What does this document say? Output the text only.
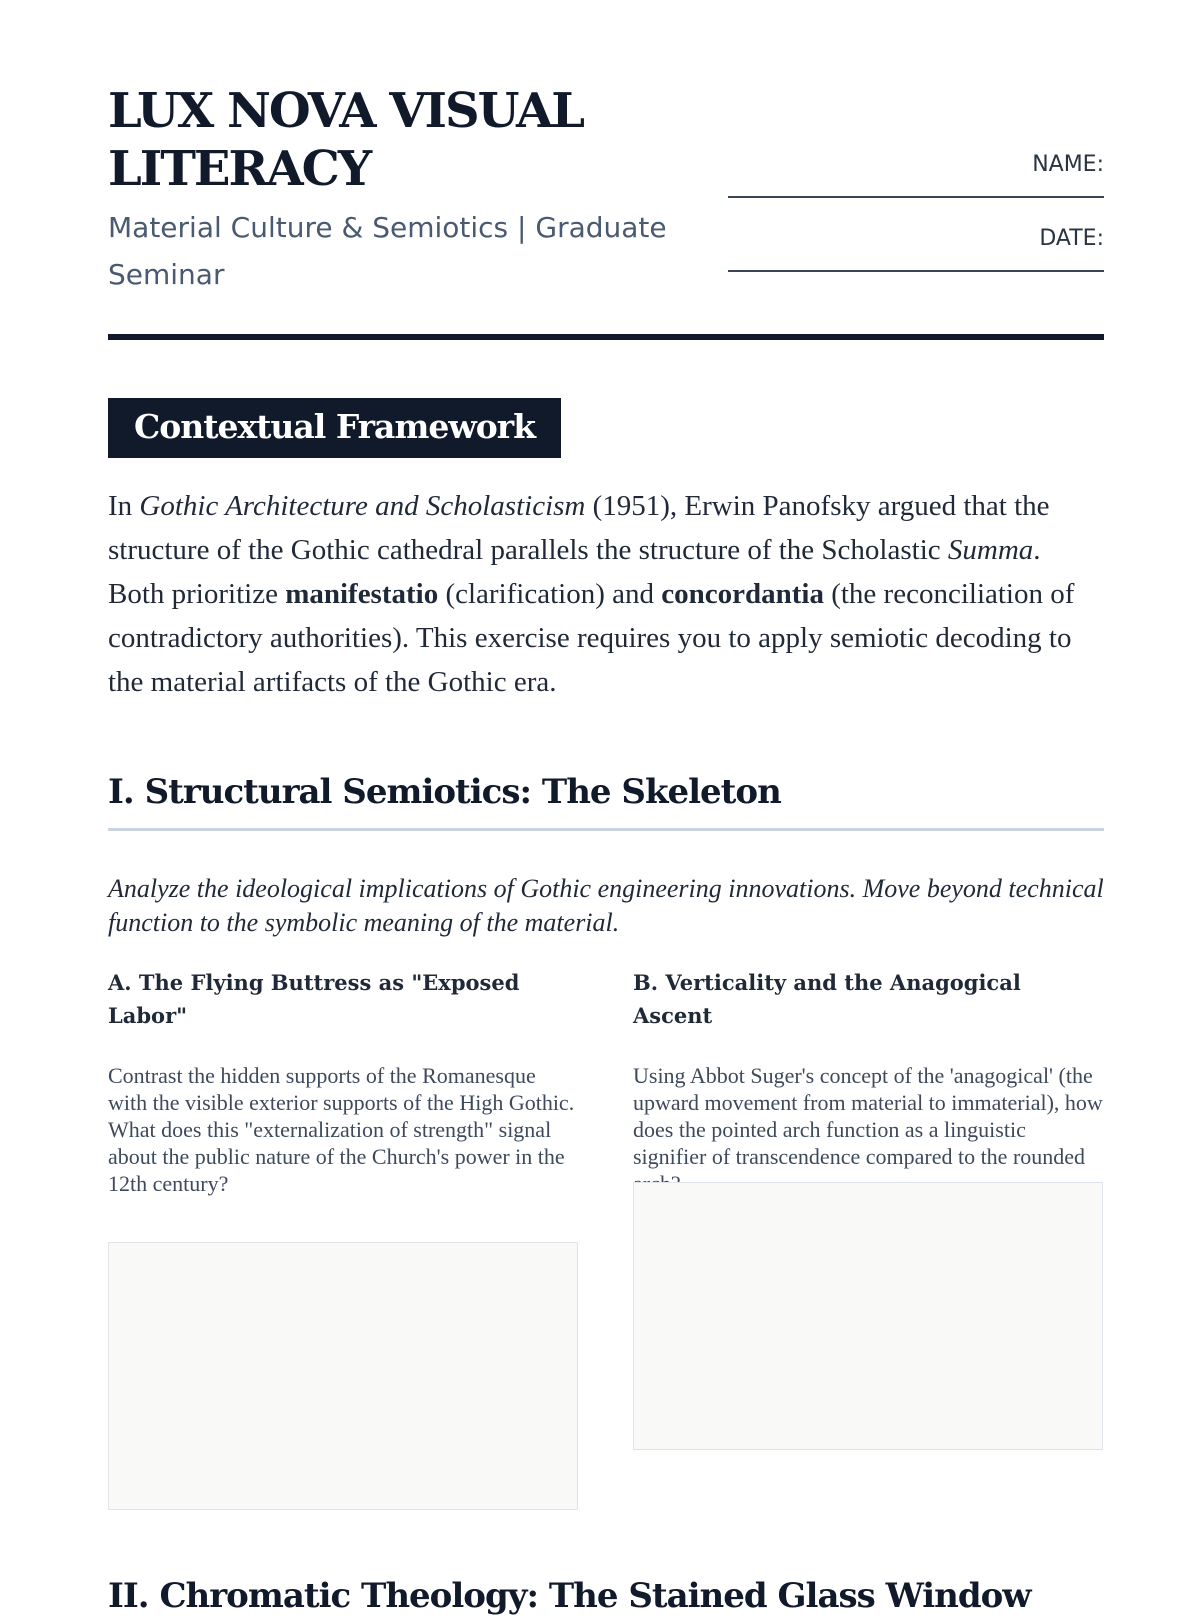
LUX NOVA VISUAL LITERACY

Material Culture & Semiotics | Graduate Seminar

NAME:
DATE:
Contextual Framework

In Gothic Architecture and Scholasticism (1951), Erwin Panofsky argued that the structure of the Gothic cathedral parallels the structure of the Scholastic Summa. Both prioritize manifestatio (clarification) and concordantia (the reconciliation of contradictory authorities). This exercise requires you to apply semiotic decoding to the material artifacts of the Gothic era.

I. Structural Semiotics: The Skeleton

Analyze the ideological implications of Gothic engineering innovations. Move beyond technical function to the symbolic meaning of the material.

A. The Flying Buttress as "Exposed Labor"

Contrast the hidden supports of the Romanesque with the visible exterior supports of the High Gothic. What does this "externalization of strength" signal about the public nature of the Church's power in the 12th century?

B. Verticality and the Anagogical Ascent

Using Abbot Suger's concept of the 'anagogical' (the upward movement from material to immaterial), how does the pointed arch function as a linguistic signifier of transcendence compared to the rounded

II. Chromatic Theology: The Stained Glass Window
